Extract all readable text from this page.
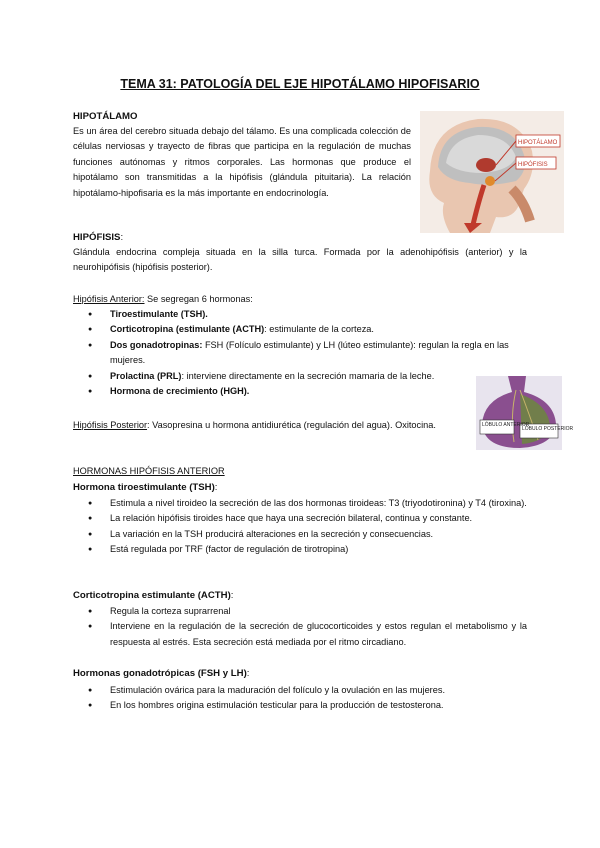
TEMA 31: PATOLOGÍA DEL EJE HIPOTÁLAMO HIPOFISARIO
HIPOTÁLAMO
Es un área del cerebro situada debajo del tálamo. Es una complicada colección de células nerviosas y trayecto de fibras que participa en la regulación de muchas funciones autónomas y ritmos corporales. Las hormonas que produce el hipotálamo son transmitidas a la hipófisis (glándula pituitaria). La relación hipotálamo-hipofisaria es la más importante en endocrinología.
HIPOTÁLAMO
HIPÓFISIS
HIPÓFISIS:
Glándula endocrina compleja situada en la silla turca. Formada por la adenohipófisis (anterior) y la neurohipófisis (hipófisis posterior).
Hipófisis Anterior: Se segregan 6 hormonas:
● Tiroestimulante (TSH).
● Corticotropina (estimulante (ACTH): estimulante de la corteza.
● Dos gonadotropinas: FSH (Folículo estimulante) y LH (lúteo estimulante): regulan la regla en las mujeres.
● Prolactina (PRL): interviene directamente en la secreción mamaria de la leche.
● Hormona de crecimiento (HGH).
LÓBULO ANTERIOR
LÓBULO POSTERIOR
Hipófisis Posterior: Vasopresina u hormona antidiurética (regulación del agua). Oxitocina.
HORMONAS HIPÓFISIS ANTERIOR
Hormona tiroestimulante (TSH):
● Estimula a nivel tiroideo la secreción de las dos hormonas tiroideas: T3 (triyodotironina) y T4 (tiroxina).
● La relación hipófisis tiroides hace que haya una secreción bilateral, continua y constante.
● La variación en la TSH producirá alteraciones en la secreción y consecuencias.
● Está regulada por TRF (factor de regulación de tirotropina)
Corticotropina estimulante (ACTH):
● Regula la corteza suprarrenal
● Interviene en la regulación de la secreción de glucocorticoides y estos regulan el metabolismo y la respuesta al estrés. Esta secreción está mediada por el ritmo circadiano.
Hormonas gonadotrópicas (FSH y LH):
● Estimulación ovárica para la maduración del folículo y la ovulación en las mujeres.
● En los hombres origina estimulación testicular para la producción de testosterona.
